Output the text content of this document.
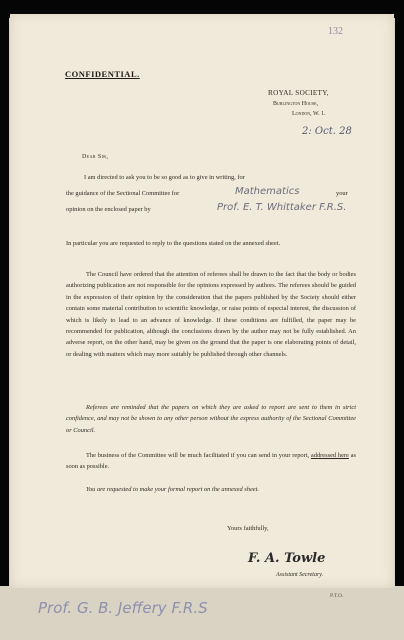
132
CONFIDENTIAL.
ROYAL SOCIETY,
Burlington House,
London, W. 1.
2: Oct. 28
Dear Sir,
I am directed to ask you to be so good as to give in writing, for
the guidance of the Sectional Committee for	Mathematics	your
opinion on the enclosed paper by	Prof. E. T. Whittaker F.R.S.
In particular you are requested to reply to the questions stated on the annexed sheet.
The Council have ordered that the attention of referees shall be drawn to the fact that the body or bodies authorizing publication are not responsible for the opinions expressed by authors. The referees should be guided in the expression of their opinion by the consideration that the papers published by the Society should either contain some material contribution to scientific knowledge, or raise points of especial interest, the discussion of which is likely to lead to an advance of knowledge. If these conditions are fulfilled, the paper may be recommended for publication, although the conclusions drawn by the author may not be fully established. An adverse report, on the other hand, may be given on the ground that the paper is one elaborating points of detail, or dealing with matters which may more suitably be published through other channels.
Referees are reminded that the papers on which they are asked to report are sent to them in strict confidence, and may not be shown to any other person without the express authority of the Sectional Committee or Council.
The business of the Committee will be much facilitated if you can send in your report, addressed here as soon as possible.
You are requested to make your formal report on the annexed sheet.
Yours faithfully,
F. A. Towle
Assistant Secretary.
P.T.O.
Prof. G. B. Jeffery F.R.S
